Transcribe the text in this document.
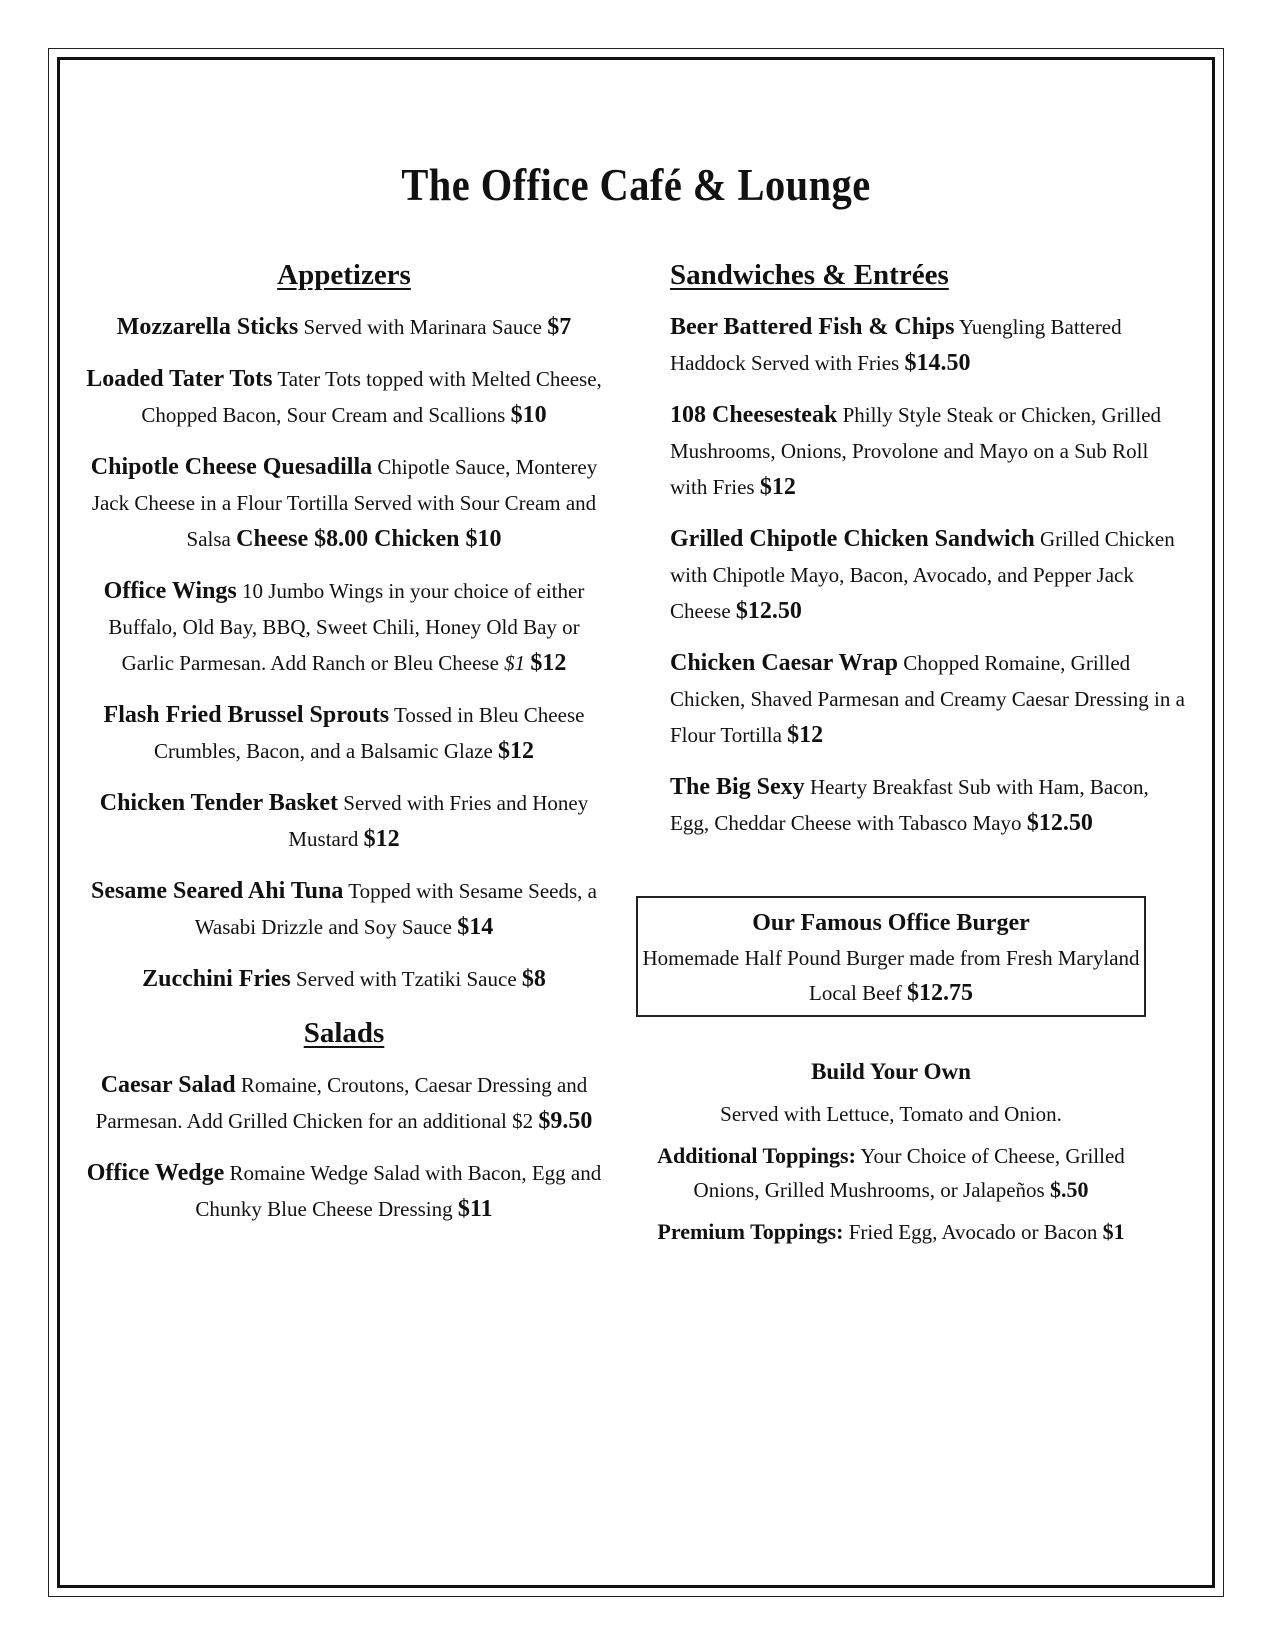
The Office Café & Lounge
Appetizers
Mozzarella Sticks Served with Marinara Sauce $7
Loaded Tater Tots Tater Tots topped with Melted Cheese, Chopped Bacon, Sour Cream and Scallions $10
Chipotle Cheese Quesadilla Chipotle Sauce, Monterey Jack Cheese in a Flour Tortilla Served with Sour Cream and Salsa Cheese $8.00 Chicken $10
Office Wings 10 Jumbo Wings in your choice of either Buffalo, Old Bay, BBQ, Sweet Chili, Honey Old Bay or Garlic Parmesan. Add Ranch or Bleu Cheese $1 $12
Flash Fried Brussel Sprouts Tossed in Bleu Cheese Crumbles, Bacon, and a Balsamic Glaze $12
Chicken Tender Basket Served with Fries and Honey Mustard $12
Sesame Seared Ahi Tuna Topped with Sesame Seeds, a Wasabi Drizzle and Soy Sauce $14
Zucchini Fries Served with Tzatiki Sauce $8
Salads
Caesar Salad Romaine, Croutons, Caesar Dressing and Parmesan. Add Grilled Chicken for an additional $2 $9.50
Office Wedge Romaine Wedge Salad with Bacon, Egg and Chunky Blue Cheese Dressing $11
Sandwiches & Entrées
Beer Battered Fish & Chips Yuengling Battered Haddock Served with Fries $14.50
108 Cheesesteak Philly Style Steak or Chicken, Grilled Mushrooms, Onions, Provolone and Mayo on a Sub Roll with Fries $12
Grilled Chipotle Chicken Sandwich Grilled Chicken with Chipotle Mayo, Bacon, Avocado, and Pepper Jack Cheese $12.50
Chicken Caesar Wrap Chopped Romaine, Grilled Chicken, Shaved Parmesan and Creamy Caesar Dressing in a Flour Tortilla $12
The Big Sexy Hearty Breakfast Sub with Ham, Bacon, Egg, Cheddar Cheese with Tabasco Mayo $12.50
Our Famous Office Burger
Homemade Half Pound Burger made from Fresh Maryland Local Beef $12.75
Build Your Own
Served with Lettuce, Tomato and Onion.
Additional Toppings: Your Choice of Cheese, Grilled Onions, Grilled Mushrooms, or Jalapeños $.50
Premium Toppings: Fried Egg, Avocado or Bacon $1
